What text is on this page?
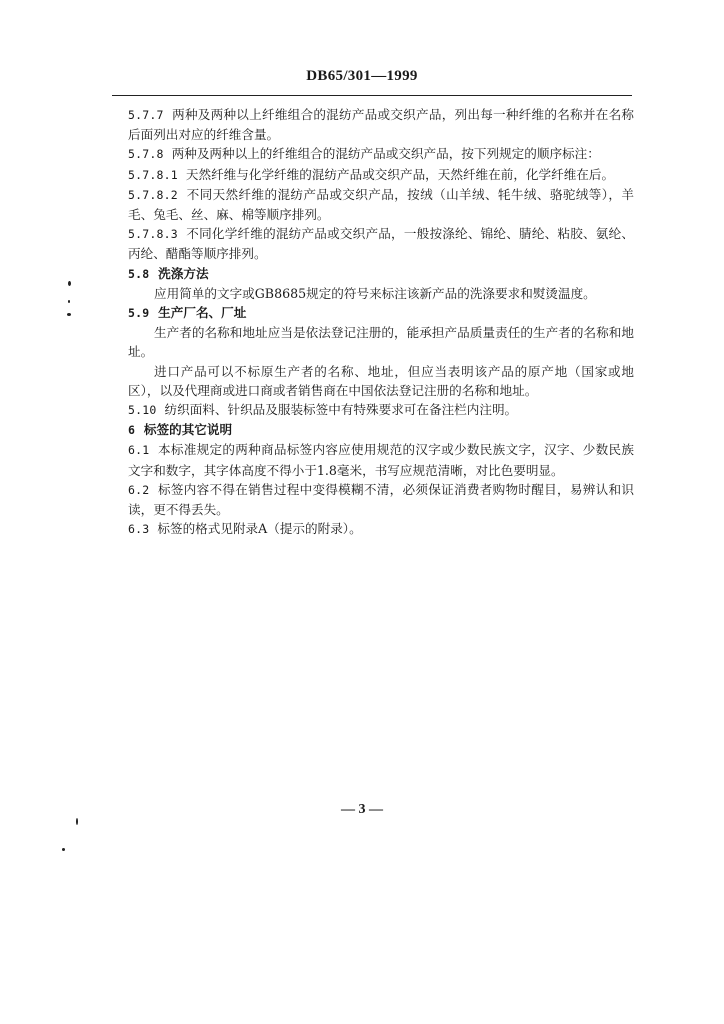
DB65/301—1999

5.7.7 两种及两种以上纤维组合的混纺产品或交织产品，列出每一种纤维的名称并在名称后面列出对应的纤维含量。

5.7.8 两种及两种以上的纤维组合的混纺产品或交织产品，按下列规定的顺序标注：

5.7.8.1 天然纤维与化学纤维的混纺产品或交织产品，天然纤维在前，化学纤维在后。

5.7.8.2 不同天然纤维的混纺产品或交织产品，按绒（山羊绒、牦牛绒、骆驼绒等），羊毛、兔毛、丝、麻、棉等顺序排列。

5.7.8.3 不同化学纤维的混纺产品或交织产品，一般按涤纶、锦纶、腈纶、粘胶、氨纶、丙纶、醋酯等顺序排列。

5.8 洗涤方法

应用简单的文字或GB8685规定的符号来标注该新产品的洗涤要求和熨烫温度。

5.9 生产厂名、厂址

生产者的名称和地址应当是依法登记注册的，能承担产品质量责任的生产者的名称和地址。

进口产品可以不标原生产者的名称、地址，但应当表明该产品的原产地（国家或地区），以及代理商或进口商或者销售商在中国依法登记注册的名称和地址。

5.10 纺织面料、针织品及服装标签中有特殊要求可在备注栏内注明。

6 标签的其它说明

6.1 本标准规定的两种商品标签内容应使用规范的汉字或少数民族文字，汉字、少数民族文字和数字，其字体高度不得小于1.8毫米，书写应规范清晰，对比色要明显。

6.2 标签内容不得在销售过程中变得模糊不清，必须保证消费者购物时醒目，易辨认和识读，更不得丢失。

6.3 标签的格式见附录A（提示的附录）。

— 3 —
